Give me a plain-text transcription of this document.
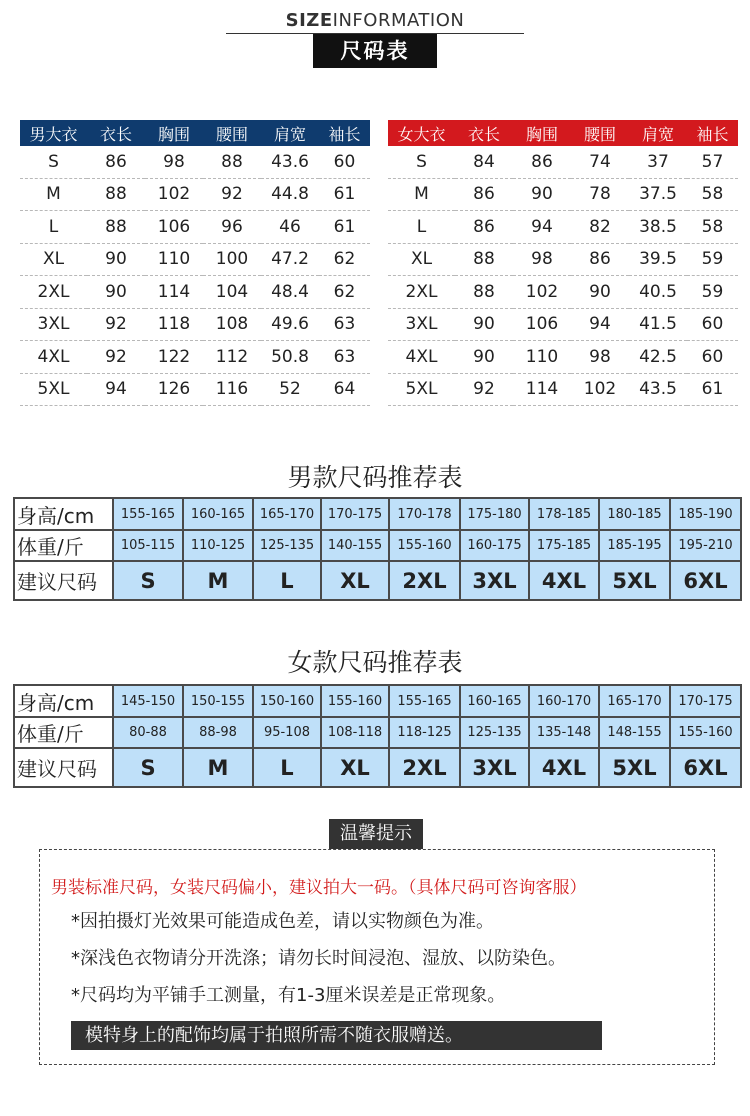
SIZEINFORMATION
尺码表
男大衣	衣长	胸围	腰围	肩宽	袖长
S	86	98	88	43.6	60
M	88	102	92	44.8	61
L	88	106	96	46	61
XL	90	110	100	47.2	62
2XL	90	114	104	48.4	62
3XL	92	118	108	49.6	63
4XL	92	122	112	50.8	63
5XL	94	126	116	52	64
女大衣	衣长	胸围	腰围	肩宽	袖长
S	84	86	74	37	57
M	86	90	78	37.5	58
L	86	94	82	38.5	58
XL	88	98	86	39.5	59
2XL	88	102	90	40.5	59
3XL	90	106	94	41.5	60
4XL	90	110	98	42.5	60
5XL	92	114	102	43.5	61
男款尺码推荐表
身高/cm	155-165	160-165	165-170	170-175	170-178	175-180	178-185	180-185	185-190
体重/斤	105-115	110-125	125-135	140-155	155-160	160-175	175-185	185-195	195-210
建议尺码	S	M	L	XL	2XL	3XL	4XL	5XL	6XL
女款尺码推荐表
身高/cm	145-150	150-155	150-160	155-160	155-165	160-165	160-170	165-170	170-175
体重/斤	80-88	88-98	95-108	108-118	118-125	125-135	135-148	148-155	155-160
建议尺码	S	M	L	XL	2XL	3XL	4XL	5XL	6XL
温馨提示
男装标准尺码，女装尺码偏小，建议拍大一码。（具体尺码可咨询客服）
*因拍摄灯光效果可能造成色差，请以实物颜色为准。
*深浅色衣物请分开洗涤；请勿长时间浸泡、湿放、以防染色。
*尺码均为平铺手工测量，有1-3厘米误差是正常现象。
模特身上的配饰均属于拍照所需不随衣服赠送。
